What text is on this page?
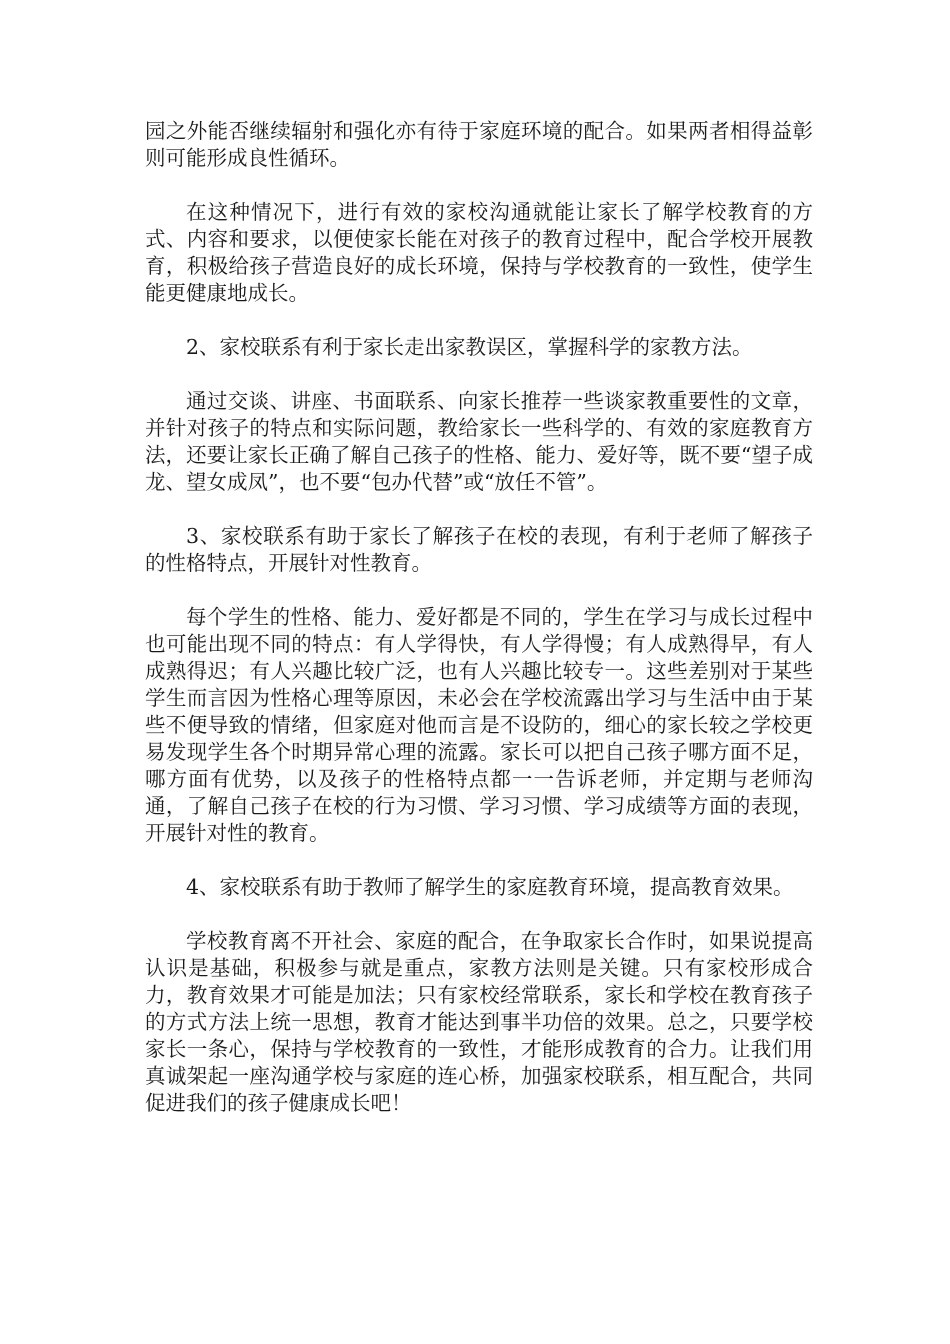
园之外能否继续辐射和强化亦有待于家庭环境的配合。如果两者相得益彰则可能形成良性循环。

在这种情况下，进行有效的家校沟通就能让家长了解学校教育的方式、内容和要求，以便使家长能在对孩子的教育过程中，配合学校开展教育，积极给孩子营造良好的成长环境，保持与学校教育的一致性，使学生能更健康地成长。

2、家校联系有利于家长走出家教误区，掌握科学的家教方法。

通过交谈、讲座、书面联系、向家长推荐一些谈家教重要性的文章，并针对孩子的特点和实际问题，教给家长一些科学的、有效的家庭教育方法，还要让家长正确了解自己孩子的性格、能力、爱好等，既不要“望子成龙、望女成凤”，也不要“包办代替”或“放任不管”。

3、家校联系有助于家长了解孩子在校的表现，有利于老师了解孩子的性格特点，开展针对性教育。

每个学生的性格、能力、爱好都是不同的，学生在学习与成长过程中也可能出现不同的特点：有人学得快，有人学得慢；有人成熟得早，有人成熟得迟；有人兴趣比较广泛，也有人兴趣比较专一。这些差别对于某些学生而言因为性格心理等原因，未必会在学校流露出学习与生活中由于某些不便导致的情绪，但家庭对他而言是不设防的，细心的家长较之学校更易发现学生各个时期异常心理的流露。家长可以把自己孩子哪方面不足，哪方面有优势，以及孩子的性格特点都一一告诉老师，并定期与老师沟通，了解自己孩子在校的行为习惯、学习习惯、学习成绩等方面的表现，开展针对性的教育。

4、家校联系有助于教师了解学生的家庭教育环境，提高教育效果。

学校教育离不开社会、家庭的配合，在争取家长合作时，如果说提高认识是基础，积极参与就是重点，家教方法则是关键。只有家校形成合力，教育效果才可能是加法；只有家校经常联系，家长和学校在教育孩子的方式方法上统一思想，教育才能达到事半功倍的效果。总之，只要学校家长一条心，保持与学校教育的一致性，才能形成教育的合力。让我们用真诚架起一座沟通学校与家庭的连心桥，加强家校联系，相互配合，共同促进我们的孩子健康成长吧！
